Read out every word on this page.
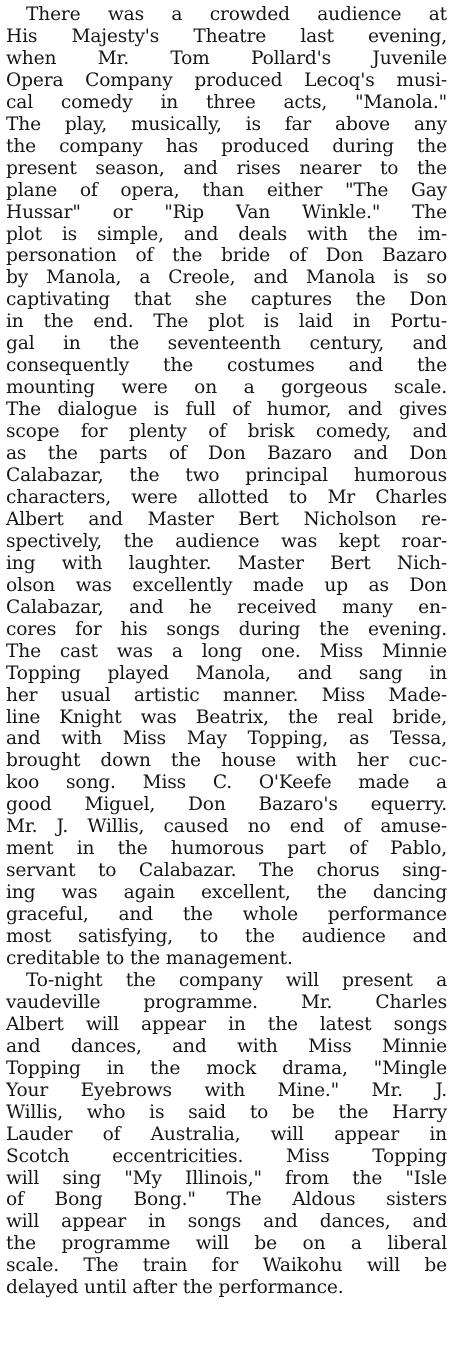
There was a crowded audience at
His Majesty's Theatre last evening,
when Mr. Tom Pollard's Juvenile
Opera Company produced Lecoq's musi-
cal comedy in three acts, "Manola."
The play, musically, is far above any
the company has produced during the
present season, and rises nearer to the
plane of opera, than either "The Gay
Hussar" or "Rip Van Winkle." The
plot is simple, and deals with the im-
personation of the bride of Don Bazaro
by Manola, a Creole, and Manola is so
captivating that she captures the Don
in the end. The plot is laid in Portu-
gal in the seventeenth century, and
consequently the costumes and the
mounting were on a gorgeous scale.
The dialogue is full of humor, and gives
scope for plenty of brisk comedy, and
as the parts of Don Bazaro and Don
Calabazar, the two principal humorous
characters, were allotted to Mr Charles
Albert and Master Bert Nicholson re-
spectively, the audience was kept roar-
ing with laughter. Master Bert Nich-
olson was excellently made up as Don
Calabazar, and he received many en-
cores for his songs during the evening.
The cast was a long one. Miss Minnie
Topping played Manola, and sang in
her usual artistic manner. Miss Made-
line Knight was Beatrix, the real bride,
and with Miss May Topping, as Tessa,
brought down the house with her cuc-
koo song. Miss C. O'Keefe made a
good Miguel, Don Bazaro's equerry.
Mr. J. Willis, caused no end of amuse-
ment in the humorous part of Pablo,
servant to Calabazar. The chorus sing-
ing was again excellent, the dancing
graceful, and the whole performance
most satisfying, to the audience and
creditable to the management.
To-night the company will present a
vaudeville programme. Mr. Charles
Albert will appear in the latest songs
and dances, and with Miss Minnie
Topping in the mock drama, "Mingle
Your Eyebrows with Mine." Mr. J.
Willis, who is said to be the Harry
Lauder of Australia, will appear in
Scotch eccentricities. Miss Topping
will sing "My Illinois," from the "Isle
of Bong Bong." The Aldous sisters
will appear in songs and dances, and
the programme will be on a liberal
scale. The train for Waikohu will be
delayed until after the performance.
